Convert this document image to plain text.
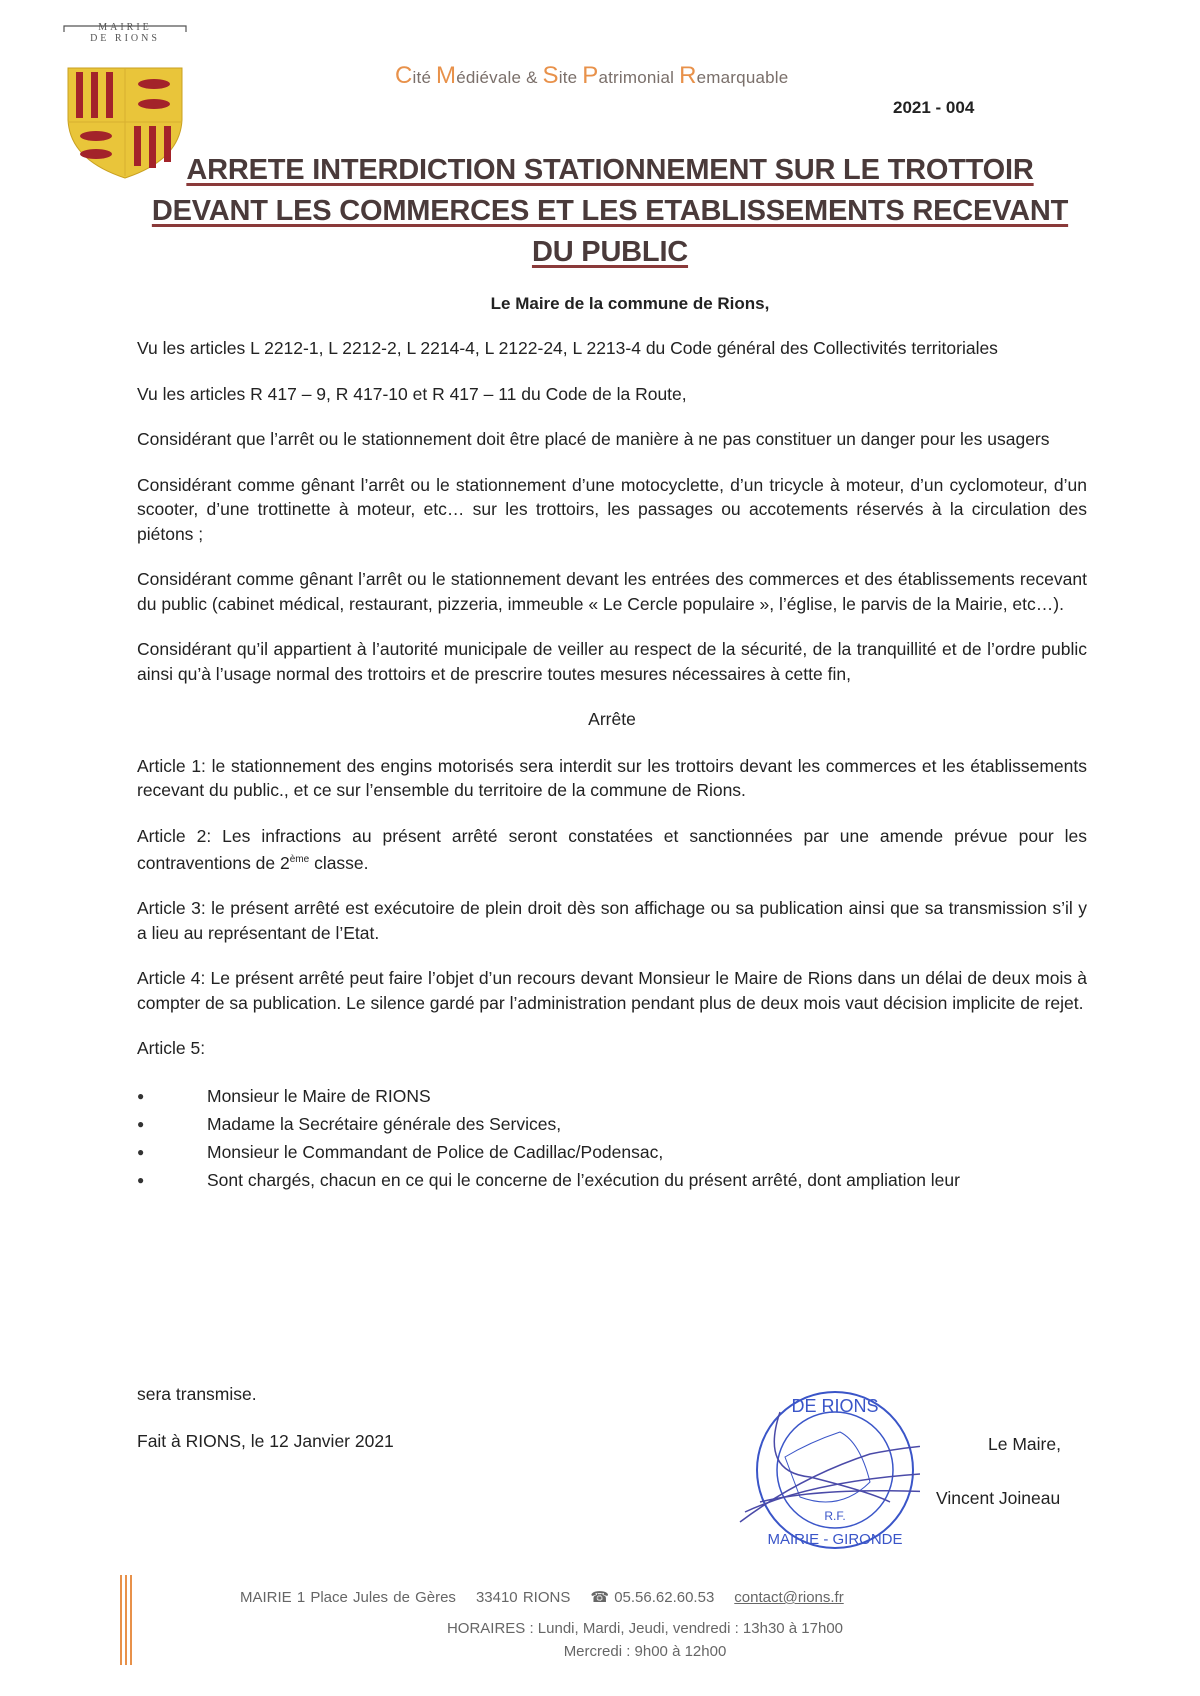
MAIRIE
DE RIONS
Cité Médiévale & Site Patrimonial Remarquable
2021 - 004
ARRETE INTERDICTION STATIONNEMENT SUR LE TROTTOIR
DEVANT LES COMMERCES ET LES ETABLISSEMENTS RECEVANT
DU PUBLIC
Le Maire de la commune de Rions,

Vu les articles L 2212-1, L 2212-2, L 2214-4, L 2122-24, L 2213-4 du Code général des Collectivités territoriales

Vu les articles R 417 – 9, R 417-10 et R 417 – 11 du Code de la Route,

Considérant que l’arrêt ou le stationnement doit être placé de manière à ne pas constituer un danger pour les usagers

Considérant comme gênant l’arrêt ou le stationnement d’une motocyclette, d’un tricycle à moteur, d’un cyclomoteur, d’un scooter, d’une trottinette à moteur, etc… sur les trottoirs, les passages ou accotements réservés à la circulation des piétons ;

Considérant comme gênant l’arrêt ou le stationnement devant les entrées des commerces et des établissements recevant du public (cabinet médical, restaurant, pizzeria, immeuble « Le Cercle populaire », l’église, le parvis de la Mairie, etc…).

Considérant qu’il appartient à l’autorité municipale de veiller au respect de la sécurité, de la tranquillité et de l’ordre public ainsi qu’à l’usage normal des trottoirs et de prescrire toutes mesures nécessaires à cette fin,

Arrête

Article 1: le stationnement des engins motorisés sera interdit sur les trottoirs devant les commerces et les établissements recevant du public., et ce sur l’ensemble du territoire de la commune de Rions.

Article 2: Les infractions au présent arrêté seront constatées et sanctionnées par une amende prévue pour les contraventions de 2ème classe.

Article 3: le présent arrêté est exécutoire de plein droit dès son affichage ou sa publication ainsi que sa transmission s’il y a lieu au représentant de l’Etat.

Article 4: Le présent arrêté peut faire l’objet d’un recours devant Monsieur le Maire de Rions dans un délai de deux mois à compter de sa publication. Le silence gardé par l’administration pendant plus de deux mois vaut décision implicite de rejet.

Article 5:

● Monsieur le Maire de RIONS
● Madame la Secrétaire générale des Services,
● Monsieur le Commandant de Police de Cadillac/Podensac,
● Sont chargés, chacun en ce qui le concerne de l’exécution du présent arrêté, dont ampliation leur
sera transmise.
Fait à RIONS, le 12 Janvier 2021
DE RIONS
R.F.
MAIRIE - GIRONDE
Le Maire,
Vincent Joineau
MAIRIE 1 Place Jules de Gères 33410 RIONS ☎ 05.56.62.60.53 contact@rions.fr
HORAIRES : Lundi, Mardi, Jeudi, vendredi : 13h30 à 17h00
Mercredi : 9h00 à 12h00
